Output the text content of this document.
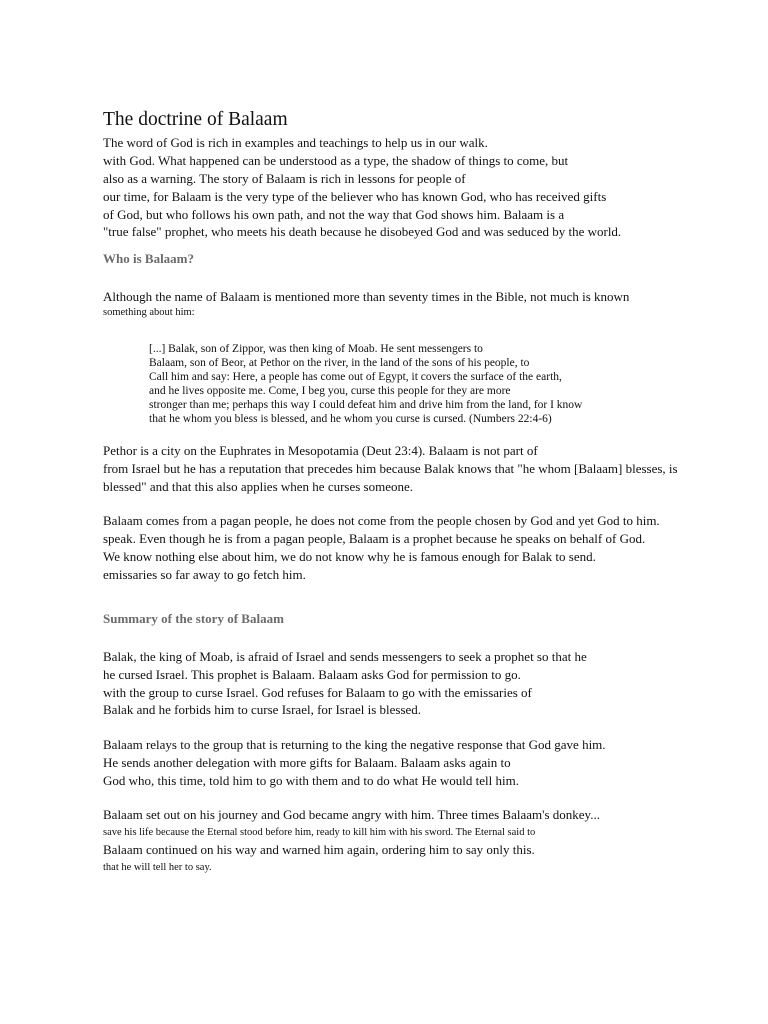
The doctrine of Balaam
The word of God is rich in examples and teachings to help us in our walk.
with God. What happened can be understood as a type, the shadow of things to come, but
also as a warning. The story of Balaam is rich in lessons for people of
our time, for Balaam is the very type of the believer who has known God, who has received gifts
of God, but who follows his own path, and not the way that God shows him. Balaam is a
"true false" prophet, who meets his death because he disobeyed God and was seduced by the world.
Who is Balaam?
Although the name of Balaam is mentioned more than seventy times in the Bible, not much is known
something about him:
[...] Balak, son of Zippor, was then king of Moab. He sent messengers to
Balaam, son of Beor, at Pethor on the river, in the land of the sons of his people, to
Call him and say: Here, a people has come out of Egypt, it covers the surface of the earth,
and he lives opposite me. Come, I beg you, curse this people for they are more
stronger than me; perhaps this way I could defeat him and drive him from the land, for I know
that he whom you bless is blessed, and he whom you curse is cursed. (Numbers 22:4-6)
Pethor is a city on the Euphrates in Mesopotamia (Deut 23:4). Balaam is not part of
from Israel but he has a reputation that precedes him because Balak knows that "he whom [Balaam] blesses, is
blessed" and that this also applies when he curses someone.
Balaam comes from a pagan people, he does not come from the people chosen by God and yet God to him.
speak. Even though he is from a pagan people, Balaam is a prophet because he speaks on behalf of God.
We know nothing else about him, we do not know why he is famous enough for Balak to send.
emissaries so far away to go fetch him.
Summary of the story of Balaam
Balak, the king of Moab, is afraid of Israel and sends messengers to seek a prophet so that he
he cursed Israel. This prophet is Balaam. Balaam asks God for permission to go.
with the group to curse Israel. God refuses for Balaam to go with the emissaries of
Balak and he forbids him to curse Israel, for Israel is blessed.
Balaam relays to the group that is returning to the king the negative response that God gave him.
He sends another delegation with more gifts for Balaam. Balaam asks again to
God who, this time, told him to go with them and to do what He would tell him.
Balaam set out on his journey and God became angry with him. Three times Balaam's donkey...
save his life because the Eternal stood before him, ready to kill him with his sword. The Eternal said to
Balaam continued on his way and warned him again, ordering him to say only this.
that he will tell her to say.
